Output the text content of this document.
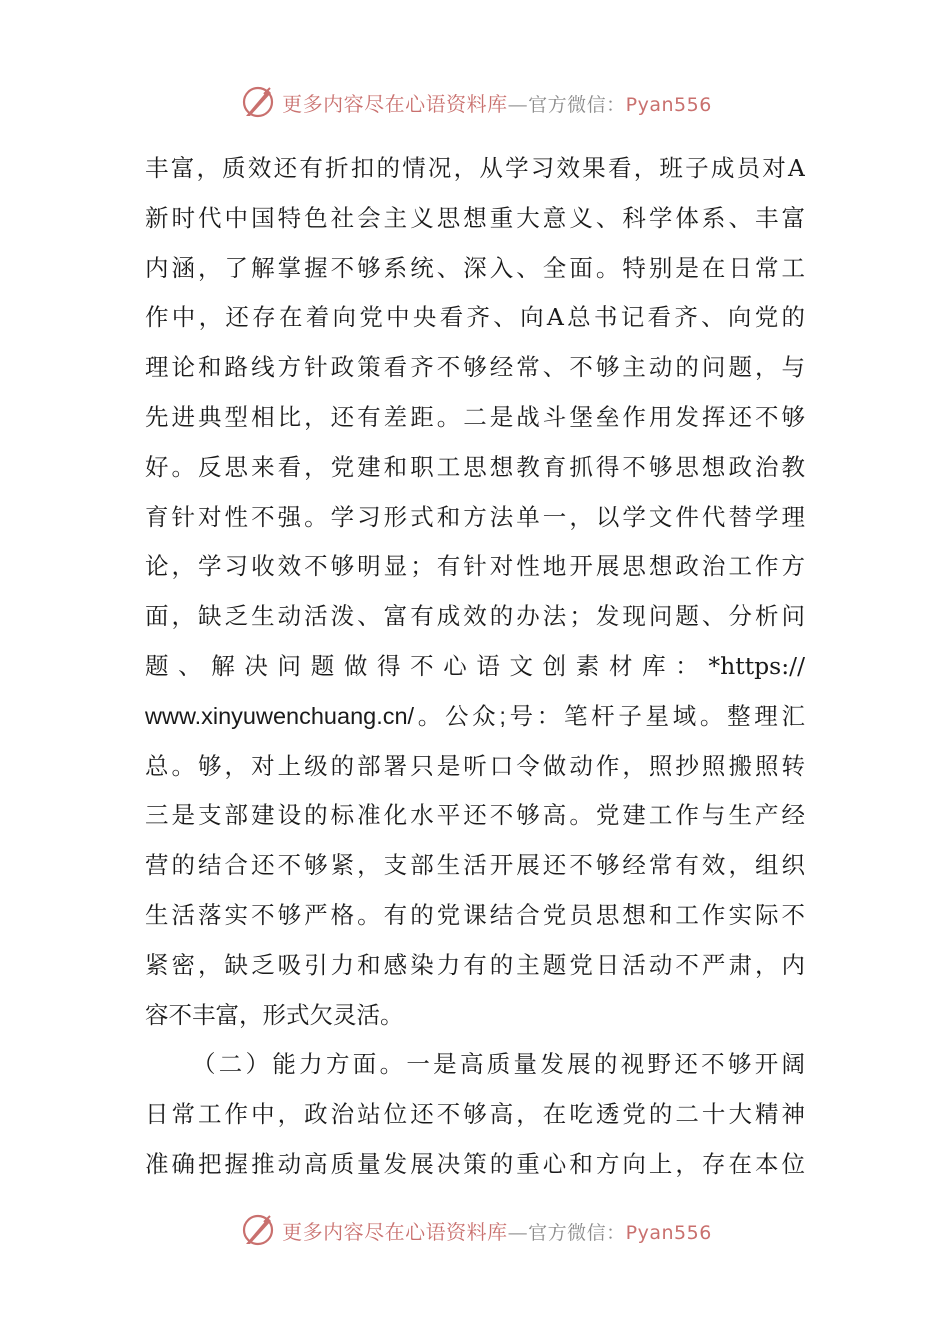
更多内容尽在心语资料库—官方微信：Pyan556
丰富，质效还有折扣的情况，从学习效果看，班子成员对A
新时代中国特色社会主义思想重大意义、科学体系、丰富
内涵，了解掌握不够系统、深入、全面。特别是在日常工
作中，还存在着向党中央看齐、向A总书记看齐、向党的
理论和路线方针政策看齐不够经常、不够主动的问题，与
先进典型相比，还有差距。二是战斗堡垒作用发挥还不够
好。反思来看，党建和职工思想教育抓得不够思想政治教
育针对性不强。学习形式和方法单一，以学文件代替学理
论，学习收效不够明显；有针对性地开展思想政治工作方
面，缺乏生动活泼、富有成效的办法；发现问题、分析问
题、解决问题做得不心语文创素材库：*https://
www.xinyuwenchuang.cn/。公众;号：笔杆子星域。整理汇
总。够，对上级的部署只是听口令做动作，照抄照搬照转
三是支部建设的标准化水平还不够高。党建工作与生产经
营的结合还不够紧，支部生活开展还不够经常有效，组织
生活落实不够严格。有的党课结合党员思想和工作实际不
紧密，缺乏吸引力和感染力有的主题党日活动不严肃，内
容不丰富，形式欠灵活。
（二）能力方面。一是高质量发展的视野还不够开阔
日常工作中，政治站位还不够高，在吃透党的二十大精神
准确把握推动高质量发展决策的重心和方向上，存在本位
更多内容尽在心语资料库—官方微信：Pyan556
